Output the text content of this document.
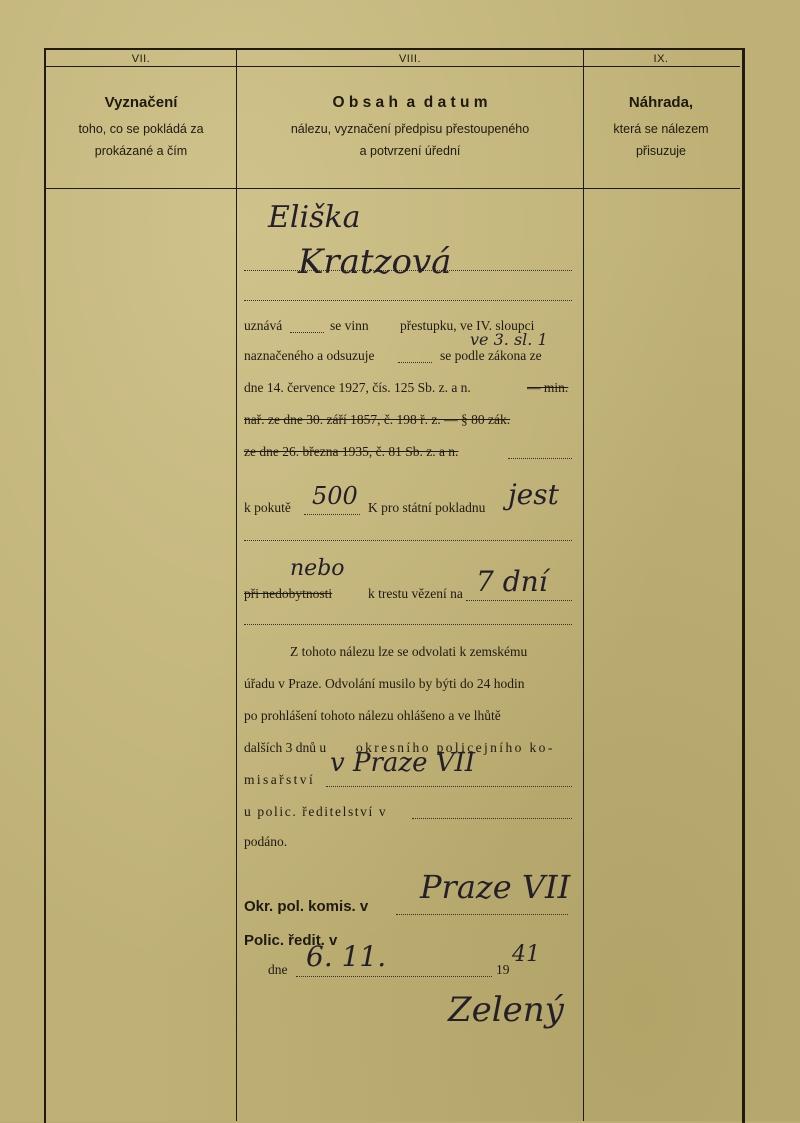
VII.
Vyznačení
toho, co se pokládá za
prokázané a čím
VIII.
O b s a h  a  d a t u m
nálezu, vyznačení předpisu přestoupeného
a potvrzení úřední
IX.
Náhrada,
která se nálezem
přisuzuje
Eliška
Kratzová
uznává	se vinn přestupku, ve IV. sloupci
ve 3. sl. 1
naznačeného a odsuzuje	se podle zákona ze
dne 14. července 1927, čís. 125 Sb. z. a n.	— min.
nař. ze dne 30. září 1857, č. 198 ř. z. — § 80 zák.
ze dne 26. března 1935, č. 81 Sb. z. a n.
k pokutě 500 K pro státní pokladnu jest
nebo
při nedobytnosti	k trestu vězení na 7 dní
Z tohoto nálezu lze se odvolati k zemskému
úřadu v Praze. Odvolání musilo by býti do 24 hodin
po prohlášení tohoto nálezu ohlášeno a ve lhůtě
dalších 3 dnů u okresního policejního ko-
misařství
v Praze VII
u polic. ředitelství v
podáno.
Okr. pol. komis. v
Praze VII
Polic. ředit. v
dne 6. 11.	19
41
Zelený
